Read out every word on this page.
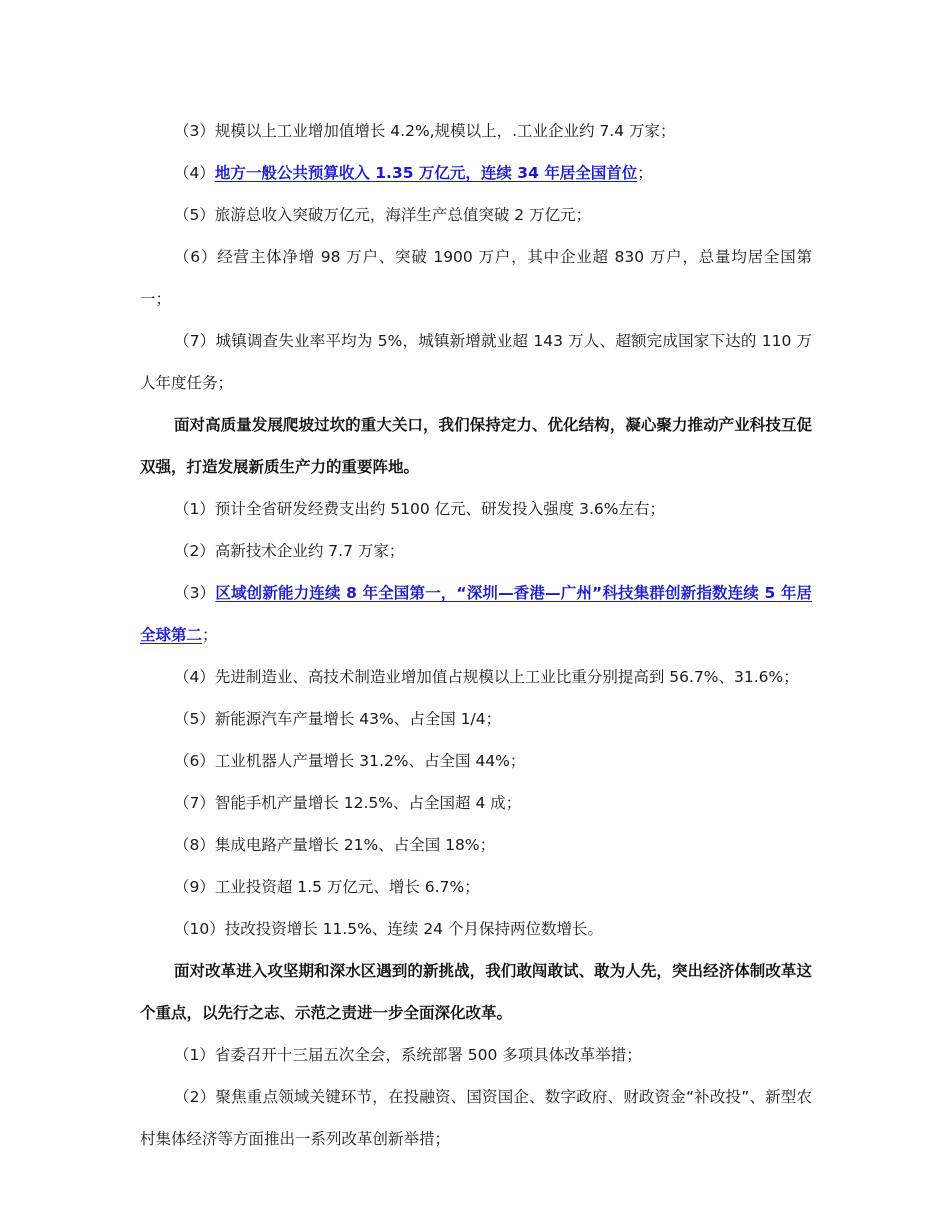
（3）规模以上工业增加值增长 4.2%,规模以上，.工业企业约 7.4 万家；

（4）地方一般公共预算收入 1.35 万亿元，连续 34 年居全国首位；

（5）旅游总收入突破万亿元，海洋生产总值突破 2 万亿元；

（6）经营主体净增 98 万户、突破 1900 万户，其中企业超 830 万户，总量均居全国第一；

（7）城镇调查失业率平均为 5%，城镇新增就业超 143 万人、超额完成国家下达的 110 万人年度任务；

面对高质量发展爬坡过坎的重大关口，我们保持定力、优化结构，凝心聚力推动产业科技互促双强，打造发展新质生产力的重要阵地。

（1）预计全省研发经费支出约 5100 亿元、研发投入强度 3.6%左右；

（2）高新技术企业约 7.7 万家；

（3）区域创新能力连续 8 年全国第一，“深圳—香港—广州”科技集群创新指数连续 5 年居全球第二；

（4）先进制造业、高技术制造业增加值占规模以上工业比重分别提高到 56.7%、31.6%；

（5）新能源汽车产量增长 43%、占全国 1/4；

（6）工业机器人产量增长 31.2%、占全国 44%；

（7）智能手机产量增长 12.5%、占全国超 4 成；

（8）集成电路产量增长 21%、占全国 18%；

（9）工业投资超 1.5 万亿元、增长 6.7%；

（10）技改投资增长 11.5%、连续 24 个月保持两位数增长。

面对改革进入攻坚期和深水区遇到的新挑战，我们敢闯敢试、敢为人先，突出经济体制改革这个重点，以先行之志、示范之责进一步全面深化改革。

（1）省委召开十三届五次全会，系统部署 500 多项具体改革举措；

（2）聚焦重点领域关键环节，在投融资、国资国企、数字政府、财政资金“补改投”、新型农村集体经济等方面推出一系列改革创新举措；
